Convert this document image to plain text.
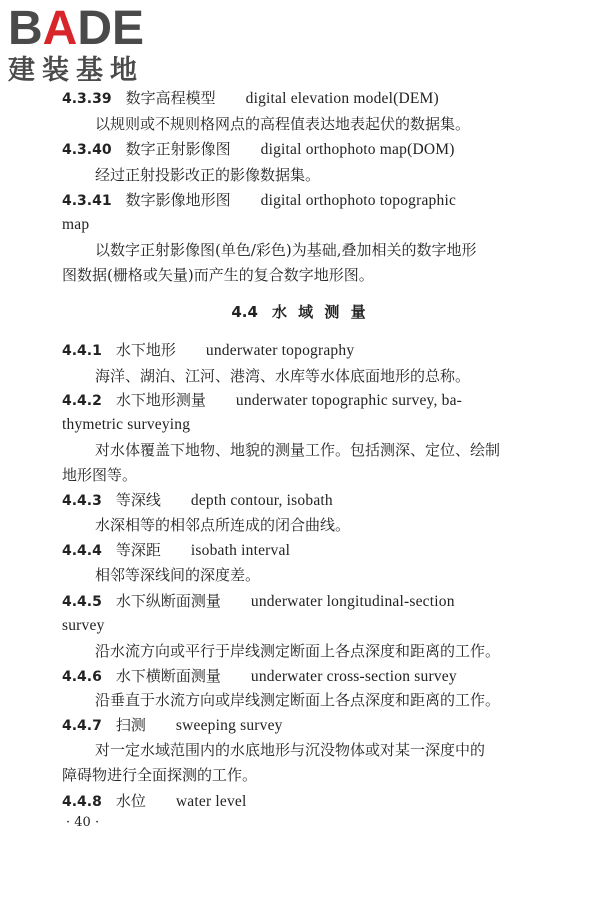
BADE
建装基地
4.3.39 数字高程模型 digital elevation model(DEM)
以规则或不规则格网点的高程值表达地表起伏的数据集。
4.3.40 数字正射影像图 digital orthophoto map(DOM)
经过正射投影改正的影像数据集。
4.3.41 数字影像地形图 digital orthophoto topographic
map
以数字正射影像图(单色/彩色)为基础,叠加相关的数字地形
图数据(栅格或矢量)而产生的复合数字地形图。
4.4 水 域 测 量
4.4.1 水下地形 underwater topography
海洋、湖泊、江河、港湾、水库等水体底面地形的总称。
4.4.2 水下地形测量 underwater topographic survey, ba-
thymetric surveying
对水体覆盖下地物、地貌的测量工作。包括测深、定位、绘制
地形图等。
4.4.3 等深线 depth contour, isobath
水深相等的相邻点所连成的闭合曲线。
4.4.4 等深距 isobath interval
相邻等深线间的深度差。
4.4.5 水下纵断面测量 underwater longitudinal-section
survey
沿水流方向或平行于岸线测定断面上各点深度和距离的工作。
4.4.6 水下横断面测量 underwater cross-section survey
沿垂直于水流方向或岸线测定断面上各点深度和距离的工作。
4.4.7 扫测 sweeping survey
对一定水域范围内的水底地形与沉没物体或对某一深度中的
障碍物进行全面探测的工作。
4.4.8 水位 water level
· 40 ·
